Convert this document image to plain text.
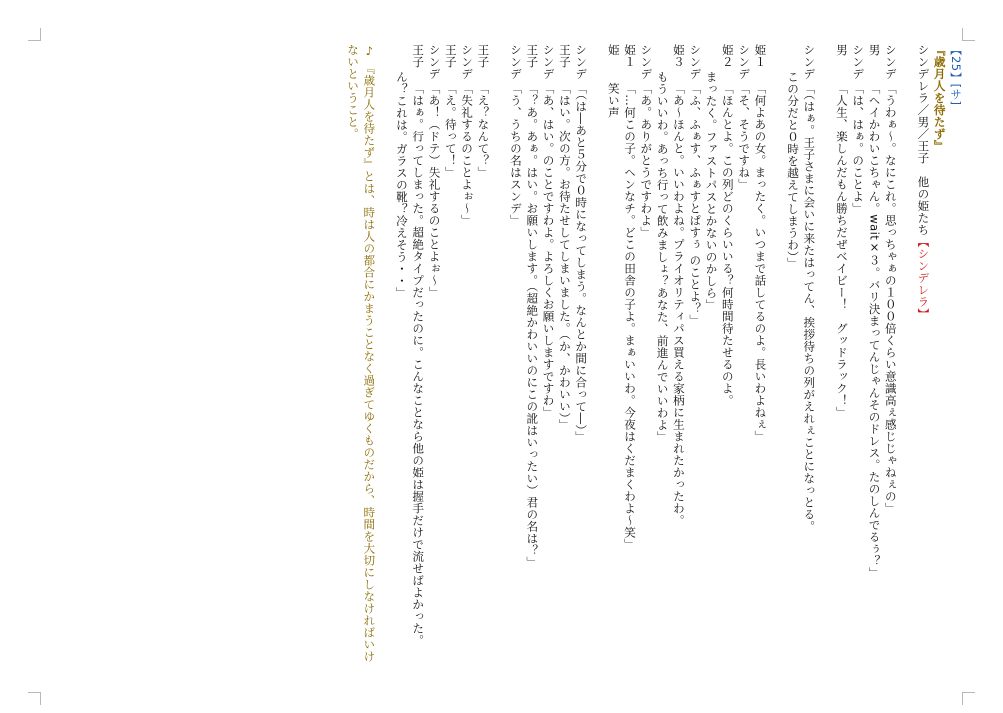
【25】[サ]
『歳月人を待たず』
シンデレラ／男／王子　他の姫たち【シンデレラ】
シンデ「うわぁ～。なにこれ。思っちゃぁの１００倍くらい意識高ぇ感じじゃねぇの」
男「ヘイかわいこちゃん。wait×３。バリ決まってんじゃんそのドレス。たのしんでるぅ？」
シンデ「は、はぁ。のことよ」
男「人生、楽しんだもん勝ちだぜベイビー！　グッドラック！」
シンデ「（はぁ。王子さまに会いに来たはってん、挨拶待ちの列がえれぇことになっとる。
この分だと０時を越えてしまうわ）」
姫１「何よあの女。まったく。いつまで話してるのよ。長いわよねぇ」
シンデ「そ、そうですね」
姫２「ほんとよ。この列どのくらいいる？何時間待たせるのよ。
まったく。ファストパスとかないのかしら」
シンデ「ふ、ふぁす、ふぁすとぱすぅ のことよ？」
姫３「あ～ほんと。いいわよね。プライオリティパス買える家柄に生まれたかったわ。
もういいわ。あっち行って飲みましょ？あなた、前進んでいいわよ」
シンデ「あ。ありがとうですわよ」
姫１「…何この子。ヘンなチ。どこの田舎の子よ。まぁいいわ。今夜はくだまくわよ～笑」
姫笑い声
シンデ「（は―あと５分で０時になってしまう。なんとか間に合って―）」
王子「はい。次の方。お待たせしてしまいました。（か、かわいい）」
シンデ「あ、はい。のことですわよ。よろしくお願いしますですわ」
王子「？あ。あぁ。はい。お願いします。（超絶かわいいのにこの訛はいったい）君の名は？」
シンデ「う、うちの名はスンデ」
王子「え？なんて？」
シンデ「失礼するのことよぉ～」
王子「え。待って！」
シンデ「あ！（ドテ）失礼するのことよぉ～」
王子「はぁ。行ってしまった。超絶タイプだったのに。こんなことなら他の姫は握手だけで流せばよかった。
ん？これは。ガラスの靴？冷えそう・・」
♪ 『歳月人を待たず』とは、時は人の都合にかまうことなく過ぎてゆくものだから、時間を大切にしなければいけないということ。
